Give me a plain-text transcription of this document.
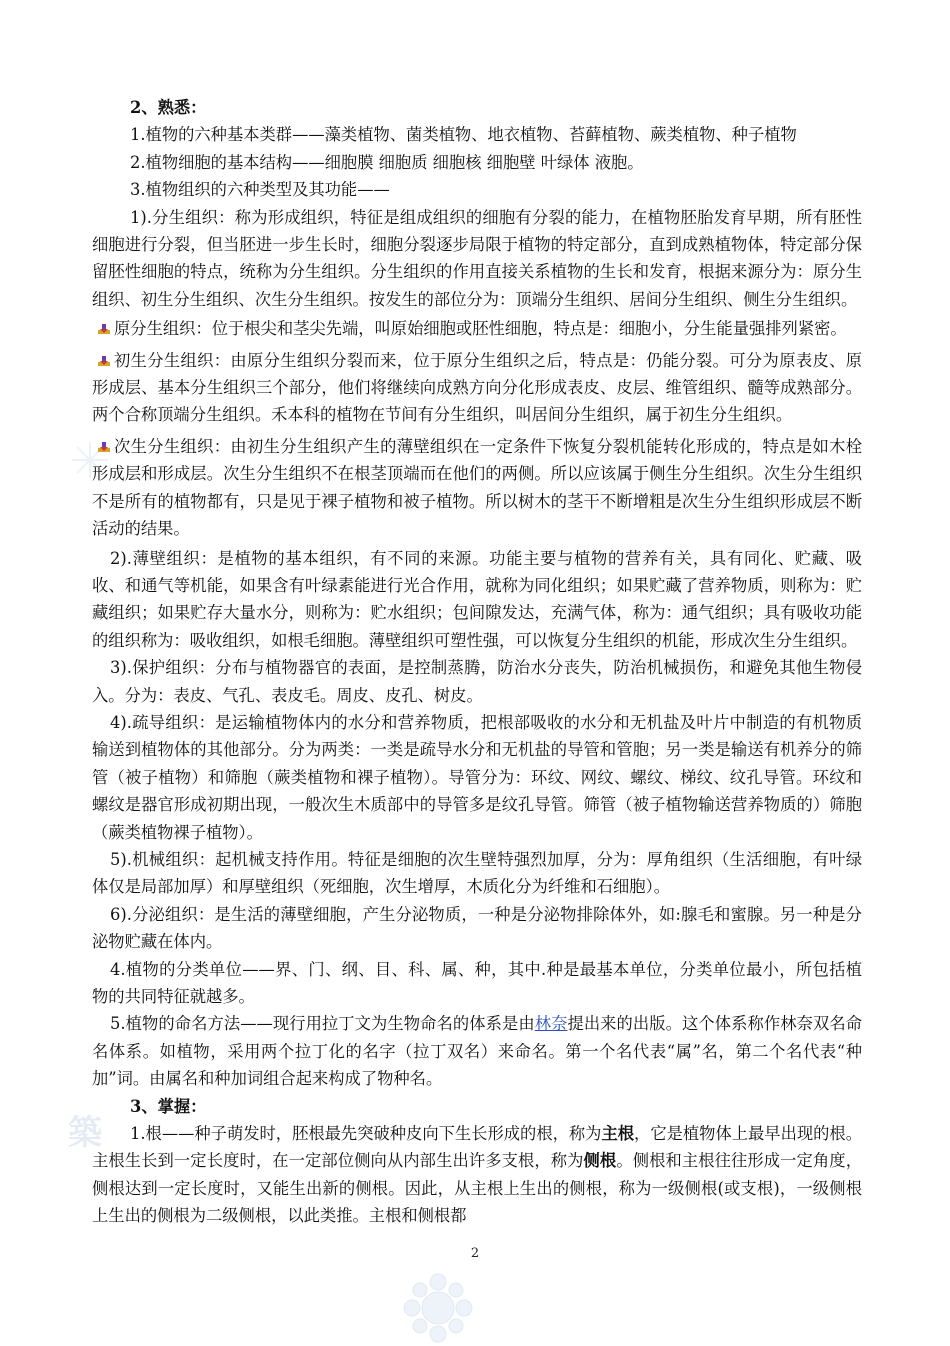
築

2、熟悉：

1.植物的六种基本类群——藻类植物、菌类植物、地衣植物、苔藓植物、蕨类植物、种子植物

2.植物细胞的基本结构——细胞膜 细胞质 细胞核 细胞壁 叶绿体 液胞。

3.植物组织的六种类型及其功能——

1).分生组织：称为形成组织，特征是组成组织的细胞有分裂的能力，在植物胚胎发育早期，所有胚性细胞进行分裂，但当胚进一步生长时，细胞分裂逐步局限于植物的特定部分，直到成熟植物体，特定部分保留胚性细胞的特点，统称为分生组织。分生组织的作用直接关系植物的生长和发育，根据来源分为：原分生组织、初生分生组织、次生分生组织。按发生的部位分为：顶端分生组织、居间分生组织、侧生分生组织。

原分生组织：位于根尖和茎尖先端，叫原始细胞或胚性细胞，特点是：细胞小，分生能量强排列紧密。

初生分生组织：由原分生组织分裂而来，位于原分生组织之后，特点是：仍能分裂。可分为原表皮、原形成层、基本分生组织三个部分，他们将继续向成熟方向分化形成表皮、皮层、维管组织、髓等成熟部分。两个合称顶端分生组织。禾本科的植物在节间有分生组织，叫居间分生组织，属于初生分生组织。

次生分生组织：由初生分生组织产生的薄壁组织在一定条件下恢复分裂机能转化形成的，特点是如木栓形成层和形成层。次生分生组织不在根茎顶端而在他们的两侧。所以应该属于侧生分生组织。次生分生组织不是所有的植物都有，只是见于裸子植物和被子植物。所以树木的茎干不断增粗是次生分生组织形成层不断活动的结果。

2).薄壁组织：是植物的基本组织，有不同的来源。功能主要与植物的营养有关，具有同化、贮藏、吸收、和通气等机能，如果含有叶绿素能进行光合作用，就称为同化组织；如果贮藏了营养物质，则称为：贮藏组织；如果贮存大量水分，则称为：贮水组织；包间隙发达，充满气体，称为：通气组织；具有吸收功能的组织称为：吸收组织，如根毛细胞。薄壁组织可塑性强，可以恢复分生组织的机能，形成次生分生组织。

3).保护组织：分布与植物器官的表面，是控制蒸腾，防治水分丧失，防治机械损伤，和避免其他生物侵入。分为：表皮、气孔、表皮毛。周皮、皮孔、树皮。

4).疏导组织：是运输植物体内的水分和营养物质，把根部吸收的水分和无机盐及叶片中制造的有机物质输送到植物体的其他部分。分为两类：一类是疏导水分和无机盐的导管和管胞；另一类是输送有机养分的筛管（被子植物）和筛胞（蕨类植物和裸子植物）。导管分为：环纹、网纹、螺纹、梯纹、纹孔导管。环纹和螺纹是器官形成初期出现，一般次生木质部中的导管多是纹孔导管。筛管（被子植物输送营养物质的）筛胞（蕨类植物裸子植物）。

5).机械组织：起机械支持作用。特征是细胞的次生壁特强烈加厚，分为：厚角组织（生活细胞，有叶绿体仅是局部加厚）和厚壁组织（死细胞，次生增厚，木质化分为纤维和石细胞）。

6).分泌组织：是生活的薄壁细胞，产生分泌物质，一种是分泌物排除体外，如:腺毛和蜜腺。另一种是分泌物贮藏在体内。

4.植物的分类单位——界、门、纲、目、科、属、种，其中.种是最基本单位，分类单位最小，所包括植物的共同特征就越多。

5.植物的命名方法——现行用拉丁文为生物命名的体系是由林奈提出来的出版。这个体系称作林奈双名命名体系。如植物，采用两个拉丁化的名字（拉丁双名）来命名。第一个名代表“属”名，第二个名代表“种加”词。由属名和种加词组合起来构成了物种名。

3、掌握：

1.根——种子萌发时，胚根最先突破种皮向下生长形成的根，称为主根，它是植物体上最早出现的根。主根生长到一定长度时，在一定部位侧向从内部生出许多支根，称为侧根。侧根和主根往往形成一定角度，侧根达到一定长度时，又能生出新的侧根。因此，从主根上生出的侧根，称为一级侧根(或支根)，一级侧根上生出的侧根为二级侧根，以此类推。主根和侧根都

2
